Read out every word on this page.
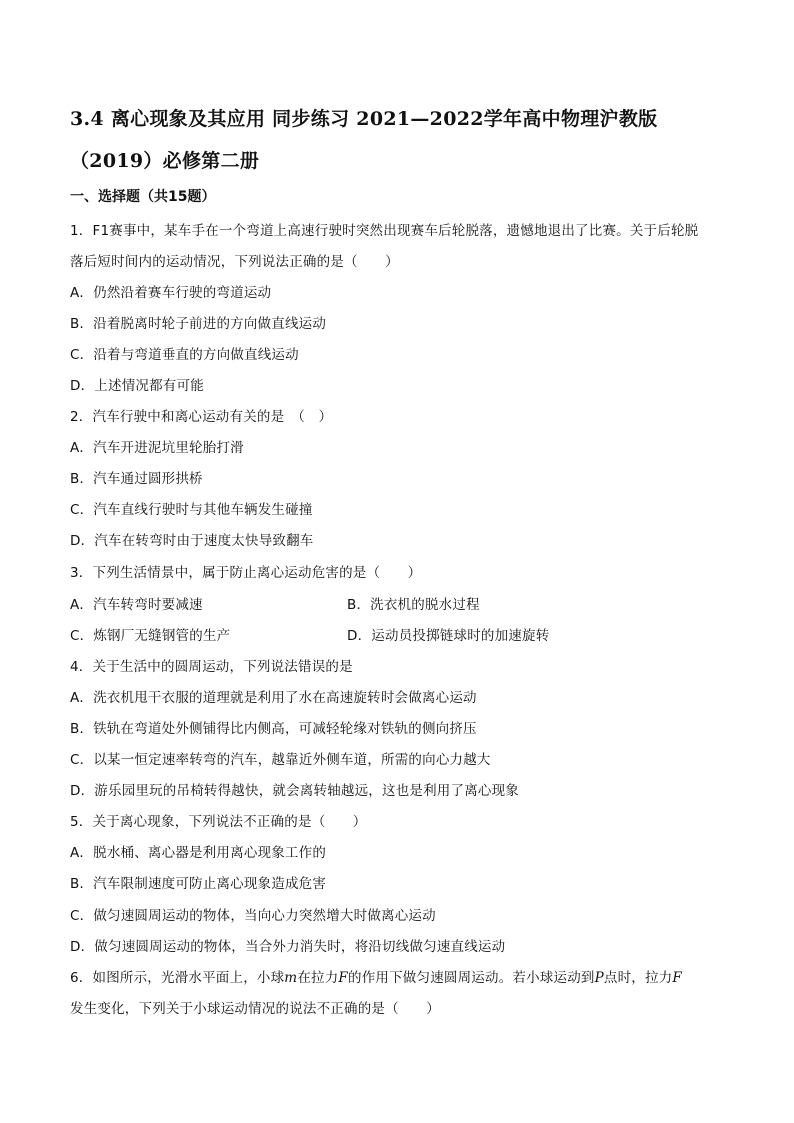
3.4 离心现象及其应用 同步练习 2021—2022学年高中物理沪教版
（2019）必修第二册
一、选择题（共15题）
1．F1赛事中，某车手在一个弯道上高速行驶时突然出现赛车后轮脱落，遗憾地退出了比赛。关于后轮脱
落后短时间内的运动情况，下列说法正确的是（　　）
A．仍然沿着赛车行驶的弯道运动
B．沿着脱离时轮子前进的方向做直线运动
C．沿着与弯道垂直的方向做直线运动
D．上述情况都有可能
2．汽车行驶中和离心运动有关的是　（　）
A．汽车开进泥坑里轮胎打滑
B．汽车通过圆形拱桥
C．汽车直线行驶时与其他车辆发生碰撞
D．汽车在转弯时由于速度太快导致翻车
3．下列生活情景中，属于防止离心运动危害的是（　　）
A．汽车转弯时要减速	B．洗衣机的脱水过程
C．炼钢厂无缝钢管的生产	D．运动员投掷链球时的加速旋转
4．关于生活中的圆周运动，下列说法错误的是
A．洗衣机甩干衣服的道理就是利用了水在高速旋转时会做离心运动
B．铁轨在弯道处外侧铺得比内侧高，可减轻轮缘对铁轨的侧向挤压
C．以某一恒定速率转弯的汽车，越靠近外侧车道，所需的向心力越大
D．游乐园里玩的吊椅转得越快，就会离转轴越远，这也是利用了离心现象
5．关于离心现象，下列说法不正确的是（　　）
A．脱水桶、离心器是利用离心现象工作的
B．汽车限制速度可防止离心现象造成危害
C．做匀速圆周运动的物体，当向心力突然增大时做离心运动
D．做匀速圆周运动的物体，当合外力消失时，将沿切线做匀速直线运动
6．如图所示，光滑水平面上，小球m在拉力F的作用下做匀速圆周运动。若小球运动到P点时，拉力F
发生变化，下列关于小球运动情况的说法不正确的是（　　）
